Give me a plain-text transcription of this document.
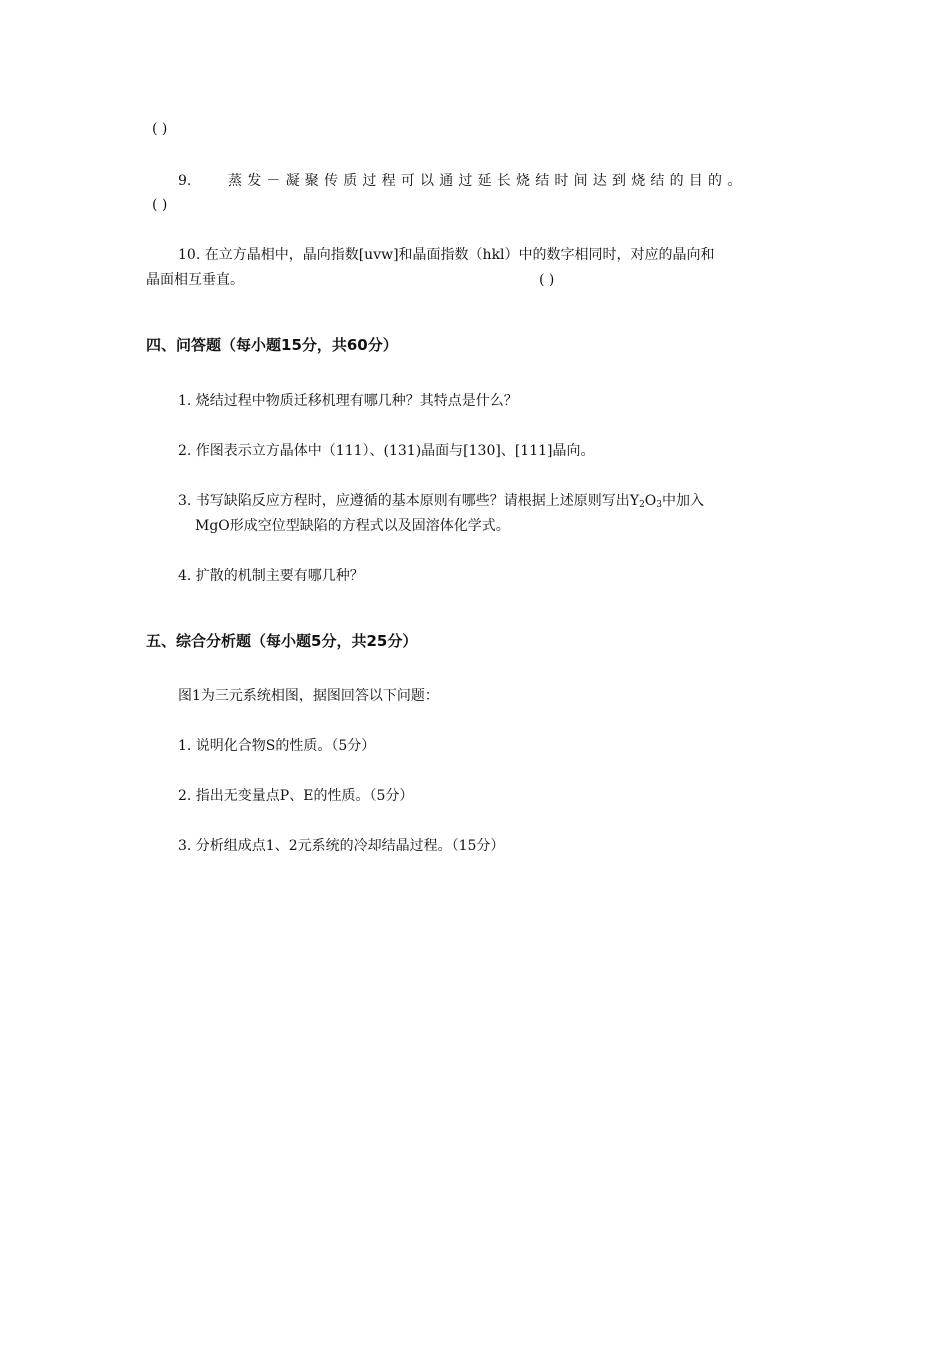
( )
9.	蒸发－凝聚传质过程可以通过延长烧结时间达到烧结的目的。
( )
10. 在立方晶相中，晶向指数[uvw]和晶面指数（hkl）中的数字相同时，对应的晶向和
晶面相互垂直。	( )
四、问答题（每小题15分，共60分）
1. 烧结过程中物质迁移机理有哪几种？其特点是什么？
2. 作图表示立方晶体中（111）、(131)晶面与[130]、[111]晶向。
3. 书写缺陷反应方程时，应遵循的基本原则有哪些？请根据上述原则写出$Y_2O_3$中加入
MgO形成空位型缺陷的方程式以及固溶体化学式。
4. 扩散的机制主要有哪几种？
五、综合分析题（每小题5分，共25分）
图1为三元系统相图，据图回答以下问题：
1. 说明化合物S的性质。（5分）
2. 指出无变量点P、E的性质。（5分）
3. 分析组成点1、2元系统的冷却结晶过程。（15分）
